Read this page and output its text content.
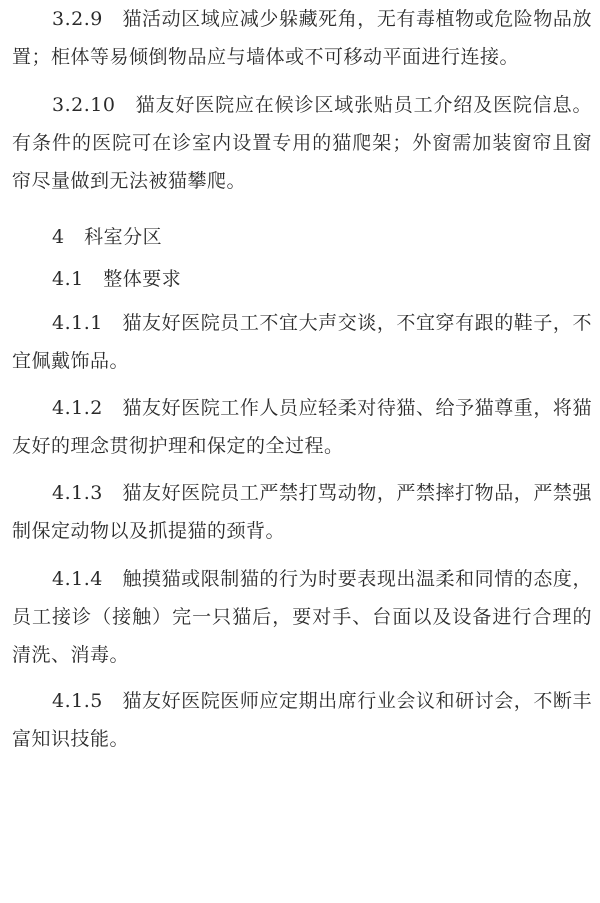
3.2.9　猫活动区域应减少躲藏死角，无有毒植物或危险物品放置；柜体等易倾倒物品应与墙体或不可移动平面进行连接。

3.2.10　猫友好医院应在候诊区域张贴员工介绍及医院信息。有条件的医院可在诊室内设置专用的猫爬架；外窗需加装窗帘且窗帘尽量做到无法被猫攀爬。

4　科室分区

4.1　整体要求

4.1.1　猫友好医院员工不宜大声交谈，不宜穿有跟的鞋子，不宜佩戴饰品。

4.1.2　猫友好医院工作人员应轻柔对待猫、给予猫尊重，将猫友好的理念贯彻护理和保定的全过程。

4.1.3　猫友好医院员工严禁打骂动物，严禁摔打物品，严禁强制保定动物以及抓提猫的颈背。

4.1.4　触摸猫或限制猫的行为时要表现出温柔和同情的态度，员工接诊（接触）完一只猫后，要对手、台面以及设备进行合理的清洗、消毒。

4.1.5　猫友好医院医师应定期出席行业会议和研讨会，不断丰富知识技能。
